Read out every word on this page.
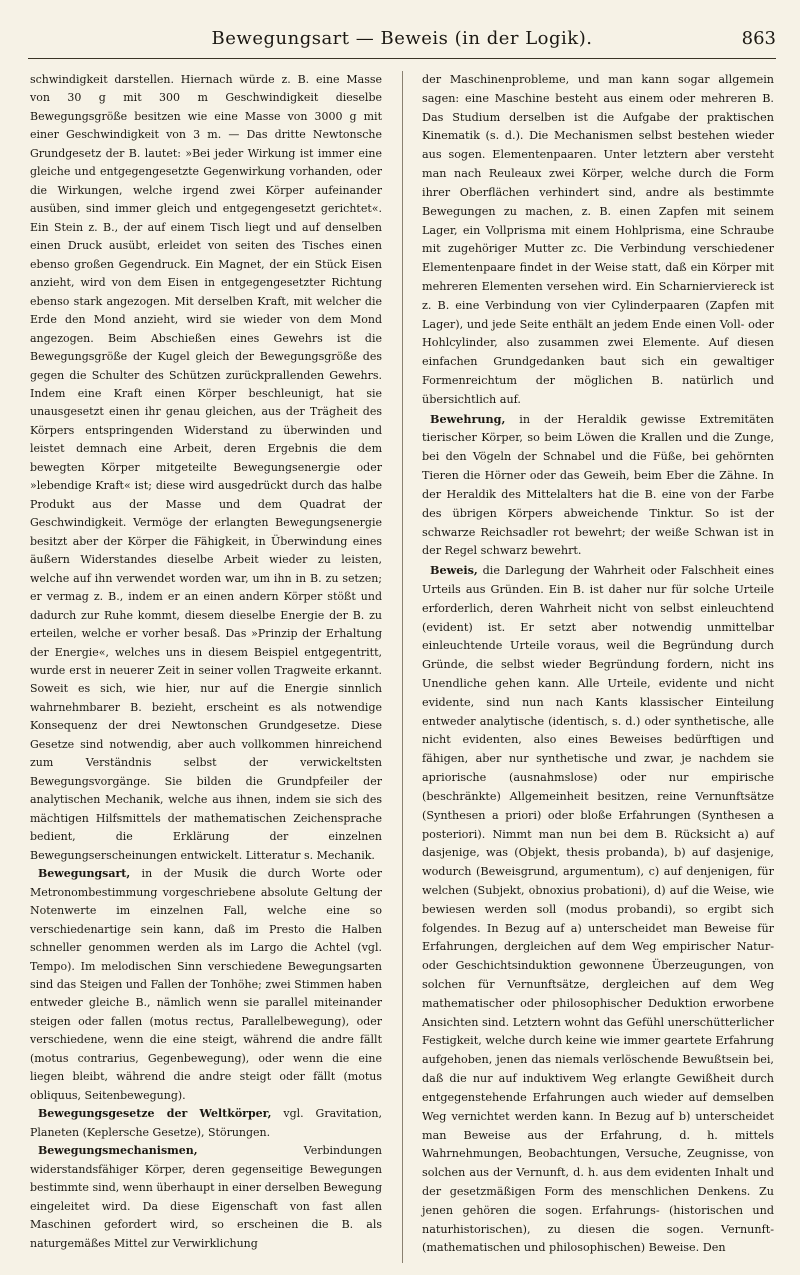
Bewegungsart — Beweis (in der Logik).	863

schwindigkeit darstellen. Hiernach würde z. B. eine Masse von 30 g mit 300 m Geschwindigkeit dieselbe Bewegungsgröße besitzen wie eine Masse von 3000 g mit einer Geschwindigkeit von 3 m. — Das dritte Newtonsche Grundgesetz der B. lautet: »Bei jeder Wirkung ist immer eine gleiche und entgegengesetzte Gegenwirkung vorhanden, oder die Wirkungen, welche irgend zwei Körper aufeinander ausüben, sind immer gleich und entgegengesetzt gerichtet«. Ein Stein z. B., der auf einem Tisch liegt und auf denselben einen Druck ausübt, erleidet von seiten des Tisches einen ebenso großen Gegendruck. Ein Magnet, der ein Stück Eisen anzieht, wird von dem Eisen in entgegengesetzter Richtung ebenso stark angezogen. Mit derselben Kraft, mit welcher die Erde den Mond anzieht, wird sie wieder von dem Mond angezogen. Beim Abschießen eines Gewehrs ist die Bewegungsgröße der Kugel gleich der Bewegungsgröße des gegen die Schulter des Schützen zurückprallenden Gewehrs. Indem eine Kraft einen Körper beschleunigt, hat sie unausgesetzt einen ihr genau gleichen, aus der Trägheit des Körpers entspringenden Widerstand zu überwinden und leistet demnach eine Arbeit, deren Ergebnis die dem bewegten Körper mitgeteilte Bewegungsenergie oder »lebendige Kraft« ist; diese wird ausgedrückt durch das halbe Produkt aus der Masse und dem Quadrat der Geschwindigkeit. Vermöge der erlangten Bewegungsenergie besitzt aber der Körper die Fähigkeit, in Überwindung eines äußern Widerstandes dieselbe Arbeit wieder zu leisten, welche auf ihn verwendet worden war, um ihn in B. zu setzen; er vermag z. B., indem er an einen andern Körper stößt und dadurch zur Ruhe kommt, diesem dieselbe Energie der B. zu erteilen, welche er vorher besaß. Das »Prinzip der Erhaltung der Energie«, welches uns in diesem Beispiel entgegentritt, wurde erst in neuerer Zeit in seiner vollen Tragweite erkannt. Soweit es sich, wie hier, nur auf die Energie sinnlich wahrnehmbarer B. bezieht, erscheint es als notwendige Konsequenz der drei Newtonschen Grundgesetze. Diese Gesetze sind notwendig, aber auch vollkommen hinreichend zum Verständnis selbst der verwickeltsten Bewegungsvorgänge. Sie bilden die Grundpfeiler der analytischen Mechanik, welche aus ihnen, indem sie sich des mächtigen Hilfsmittels der mathematischen Zeichensprache bedient, die Erklärung der einzelnen Bewegungserscheinungen entwickelt. Litteratur s. Mechanik.

Bewegungsart, in der Musik die durch Worte oder Metronombestimmung vorgeschriebene absolute Geltung der Notenwerte im einzelnen Fall, welche eine so verschiedenartige sein kann, daß im Presto die Halben schneller genommen werden als im Largo die Achtel (vgl. Tempo). Im melodischen Sinn verschiedene Bewegungsarten sind das Steigen und Fallen der Tonhöhe; zwei Stimmen haben entweder gleiche B., nämlich wenn sie parallel miteinander steigen oder fallen (motus rectus, Parallelbewegung), oder verschiedene, wenn die eine steigt, während die andre fällt (motus contrarius, Gegenbewegung), oder wenn die eine liegen bleibt, während die andre steigt oder fällt (motus obliquus, Seitenbewegung).

Bewegungsgesetze der Weltkörper, vgl. Gravitation, Planeten (Keplersche Gesetze), Störungen.

Bewegungsmechanismen, Verbindungen widerstandsfähiger Körper, deren gegenseitige Bewegungen bestimmte sind, wenn überhaupt in einer derselben Bewegung eingeleitet wird. Da diese Eigenschaft von fast allen Maschinen gefordert wird, so erscheinen die B. als naturgemäßes Mittel zur Verwirklichung

der Maschinenprobleme, und man kann sogar allgemein sagen: eine Maschine besteht aus einem oder mehreren B. Das Studium derselben ist die Aufgabe der praktischen Kinematik (s. d.). Die Mechanismen selbst bestehen wieder aus sogen. Elementenpaaren. Unter letztern aber versteht man nach Reuleaux zwei Körper, welche durch die Form ihrer Oberflächen verhindert sind, andre als bestimmte Bewegungen zu machen, z. B. einen Zapfen mit seinem Lager, ein Vollprisma mit einem Hohlprisma, eine Schraube mit zugehöriger Mutter zc. Die Verbindung verschiedener Elementenpaare findet in der Weise statt, daß ein Körper mit mehreren Elementen versehen wird. Ein Scharnierviereck ist z. B. eine Verbindung von vier Cylinderpaaren (Zapfen mit Lager), und jede Seite enthält an jedem Ende einen Voll- oder Hohlcylinder, also zusammen zwei Elemente. Auf diesen einfachen Grundgedanken baut sich ein gewaltiger Formenreichtum der möglichen B. natürlich und übersichtlich auf.

Bewehrung, in der Heraldik gewisse Extremitäten tierischer Körper, so beim Löwen die Krallen und die Zunge, bei den Vögeln der Schnabel und die Füße, bei gehörnten Tieren die Hörner oder das Geweih, beim Eber die Zähne. In der Heraldik des Mittelalters hat die B. eine von der Farbe des übrigen Körpers abweichende Tinktur. So ist der schwarze Reichsadler rot bewehrt; der weiße Schwan ist in der Regel schwarz bewehrt.

Beweis, die Darlegung der Wahrheit oder Falschheit eines Urteils aus Gründen. Ein B. ist daher nur für solche Urteile erforderlich, deren Wahrheit nicht von selbst einleuchtend (evident) ist. Er setzt aber notwendig unmittelbar einleuchtende Urteile voraus, weil die Begründung durch Gründe, die selbst wieder Begründung fordern, nicht ins Unendliche gehen kann. Alle Urteile, evidente und nicht evidente, sind nun nach Kants klassischer Einteilung entweder analytische (identisch, s. d.) oder synthetische, alle nicht evidenten, also eines Beweises bedürftigen und fähigen, aber nur synthetische und zwar, je nachdem sie apriorische (ausnahmslose) oder nur empirische (beschränkte) Allgemeinheit besitzen, reine Vernunftsätze (Synthesen a priori) oder bloße Erfahrungen (Synthesen a posteriori). Nimmt man nun bei dem B. Rücksicht a) auf dasjenige, was (Objekt, thesis probanda), b) auf dasjenige, wodurch (Beweisgrund, argumentum), c) auf denjenigen, für welchen (Subjekt, obnoxius probationi), d) auf die Weise, wie bewiesen werden soll (modus probandi), so ergibt sich folgendes. In Bezug auf a) unterscheidet man Beweise für Erfahrungen, dergleichen auf dem Weg empirischer Natur- oder Geschichtsinduktion gewonnene Überzeugungen, von solchen für Vernunftsätze, dergleichen auf dem Weg mathematischer oder philosophischer Deduktion erworbene Ansichten sind. Letztern wohnt das Gefühl unerschütterlicher Festigkeit, welche durch keine wie immer geartete Erfahrung aufgehoben, jenen das niemals verlöschende Bewußtsein bei, daß die nur auf induktivem Weg erlangte Gewißheit durch entgegenstehende Erfahrungen auch wieder auf demselben Weg vernichtet werden kann. In Bezug auf b) unterscheidet man Beweise aus der Erfahrung, d. h. mittels Wahrnehmungen, Beobachtungen, Versuche, Zeugnisse, von solchen aus der Vernunft, d. h. aus dem evidenten Inhalt und der gesetzmäßigen Form des menschlichen Denkens. Zu jenen gehören die sogen. Erfahrungs- (historischen und naturhistorischen), zu diesen die sogen. Vernunft- (mathematischen und philosophischen) Beweise. Den
